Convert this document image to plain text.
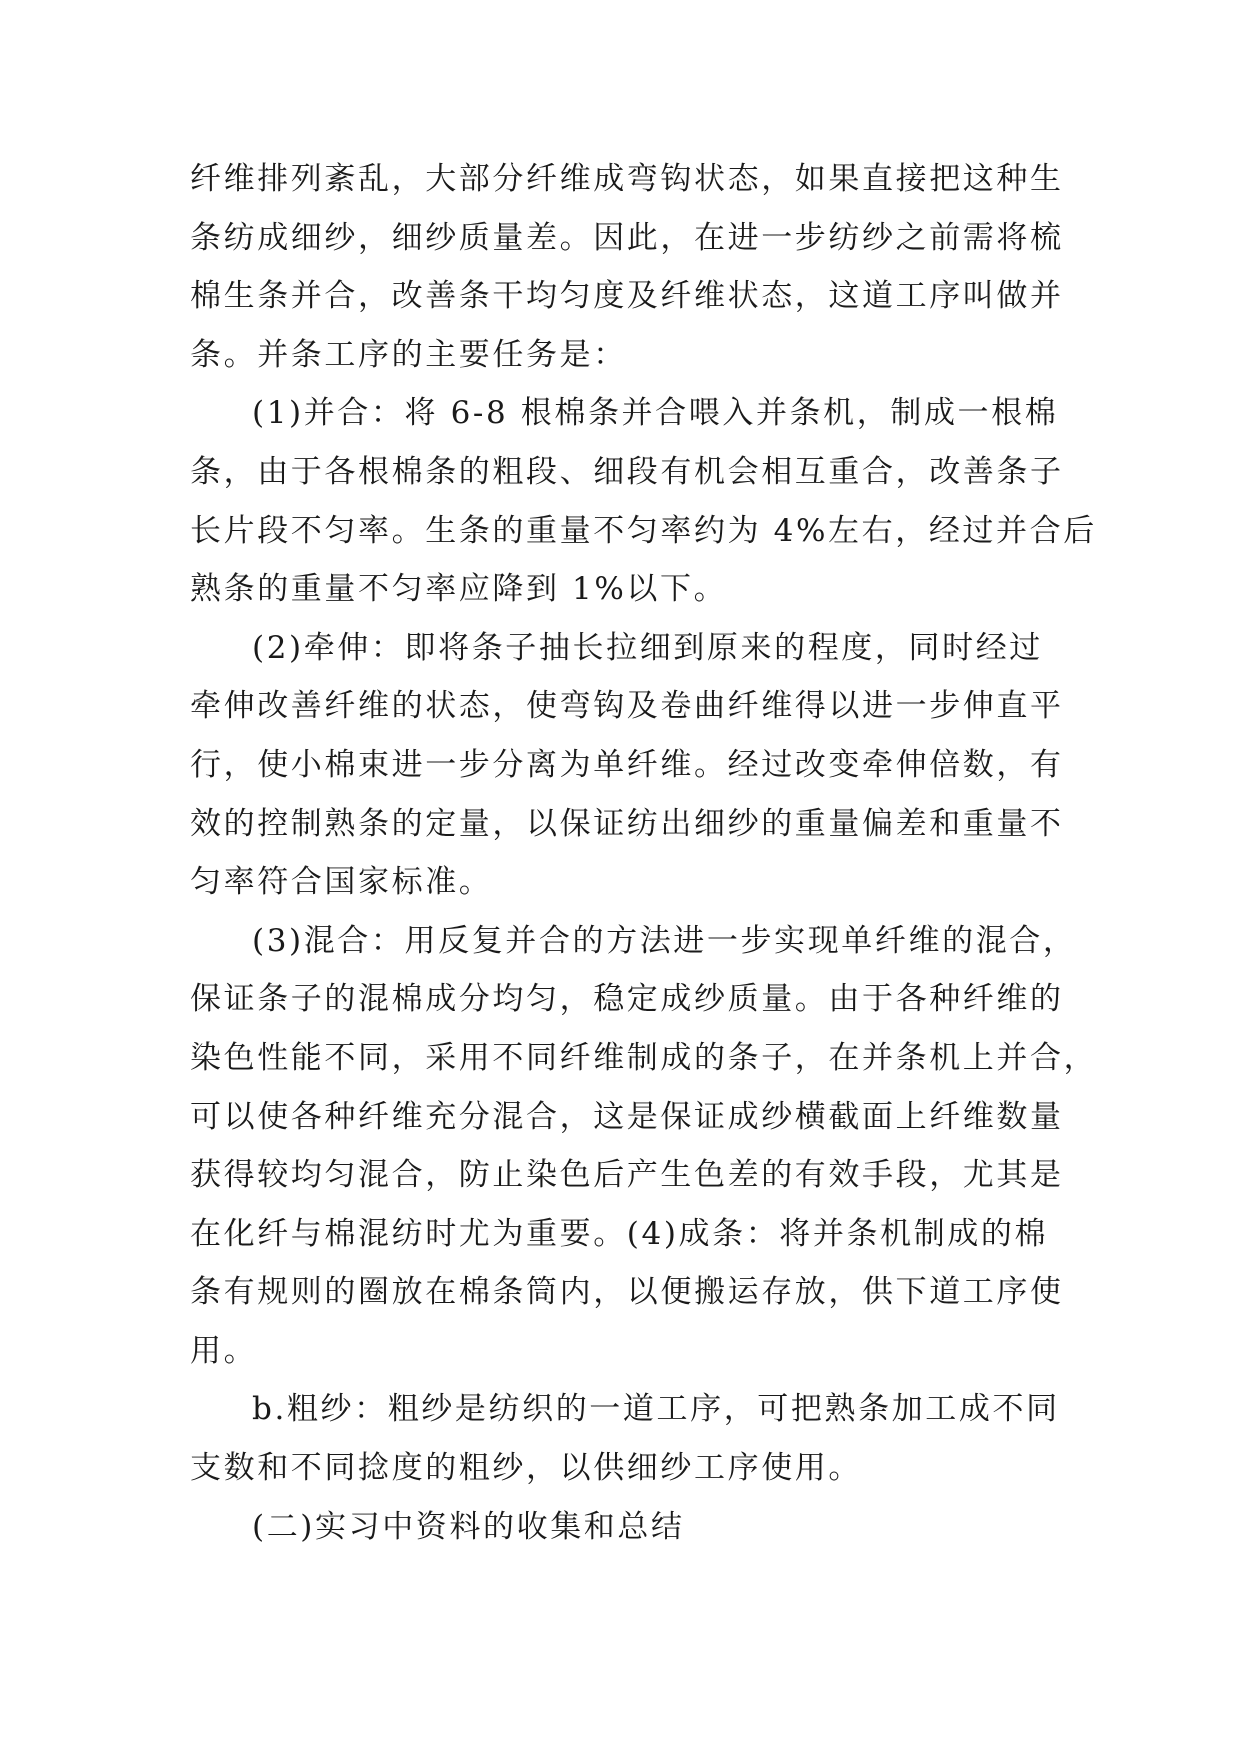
纤维排列紊乱，大部分纤维成弯钩状态，如果直接把这种生
条纺成细纱，细纱质量差。因此，在进一步纺纱之前需将梳
棉生条并合，改善条干均匀度及纤维状态，这道工序叫做并
条。并条工序的主要任务是：

(1)并合：将 6-8 根棉条并合喂入并条机，制成一根棉
条，由于各根棉条的粗段、细段有机会相互重合，改善条子
长片段不匀率。生条的重量不匀率约为 4%左右，经过并合后
熟条的重量不匀率应降到 1%以下。

(2)牵伸：即将条子抽长拉细到原来的程度，同时经过
牵伸改善纤维的状态，使弯钩及卷曲纤维得以进一步伸直平
行，使小棉束进一步分离为单纤维。经过改变牵伸倍数，有
效的控制熟条的定量，以保证纺出细纱的重量偏差和重量不
匀率符合国家标准。

(3)混合：用反复并合的方法进一步实现单纤维的混合，
保证条子的混棉成分均匀，稳定成纱质量。由于各种纤维的
染色性能不同，采用不同纤维制成的条子，在并条机上并合，
可以使各种纤维充分混合，这是保证成纱横截面上纤维数量
获得较均匀混合，防止染色后产生色差的有效手段，尤其是
在化纤与棉混纺时尤为重要。(4)成条：将并条机制成的棉
条有规则的圈放在棉条筒内，以便搬运存放，供下道工序使
用。

b.粗纱：粗纱是纺织的一道工序，可把熟条加工成不同
支数和不同捻度的粗纱，以供细纱工序使用。

(二)实习中资料的收集和总结
